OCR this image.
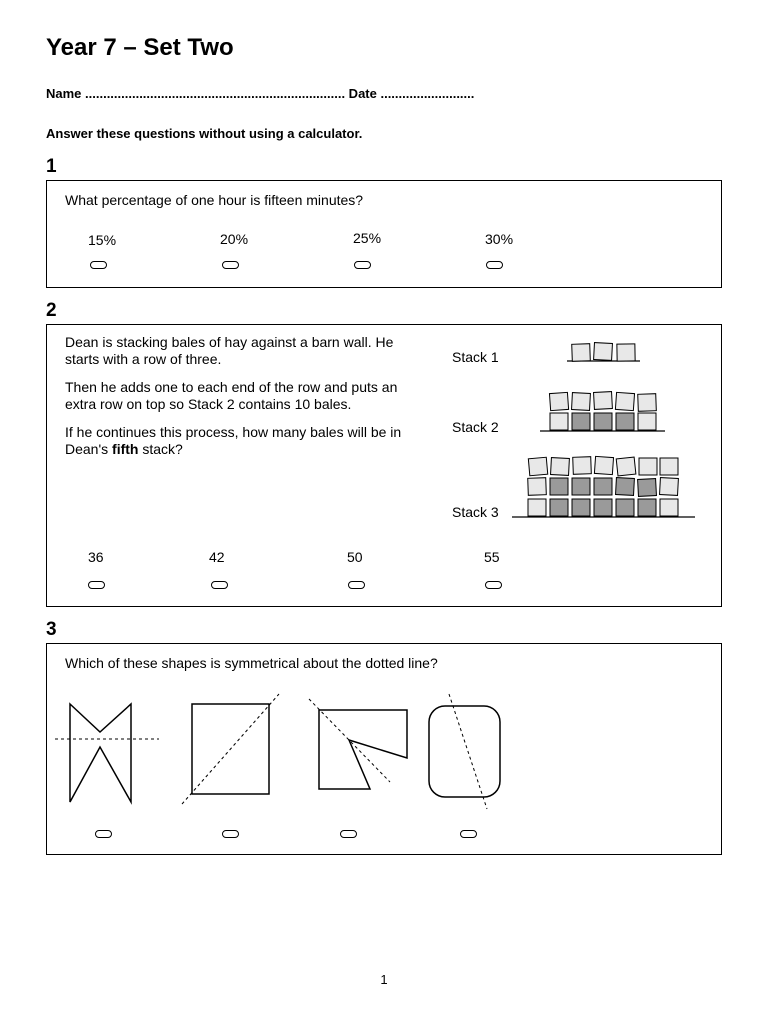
Year 7 – Set Two
Name ........................................................................ Date ..........................
Answer these questions without using a calculator.
1
What percentage of one hour is fifteen minutes?
15%	20%	25%	30%
2
Dean is stacking bales of hay against a barn wall. He starts with a row of three.
Then he adds one to each end of the row and puts an extra row on top so Stack 2 contains 10 bales.
If he continues this process, how many bales will be in Dean's fifth stack?
Stack 1
Stack 2
Stack 3
36	42	50	55
3
Which of these shapes is symmetrical about the dotted line?
1
